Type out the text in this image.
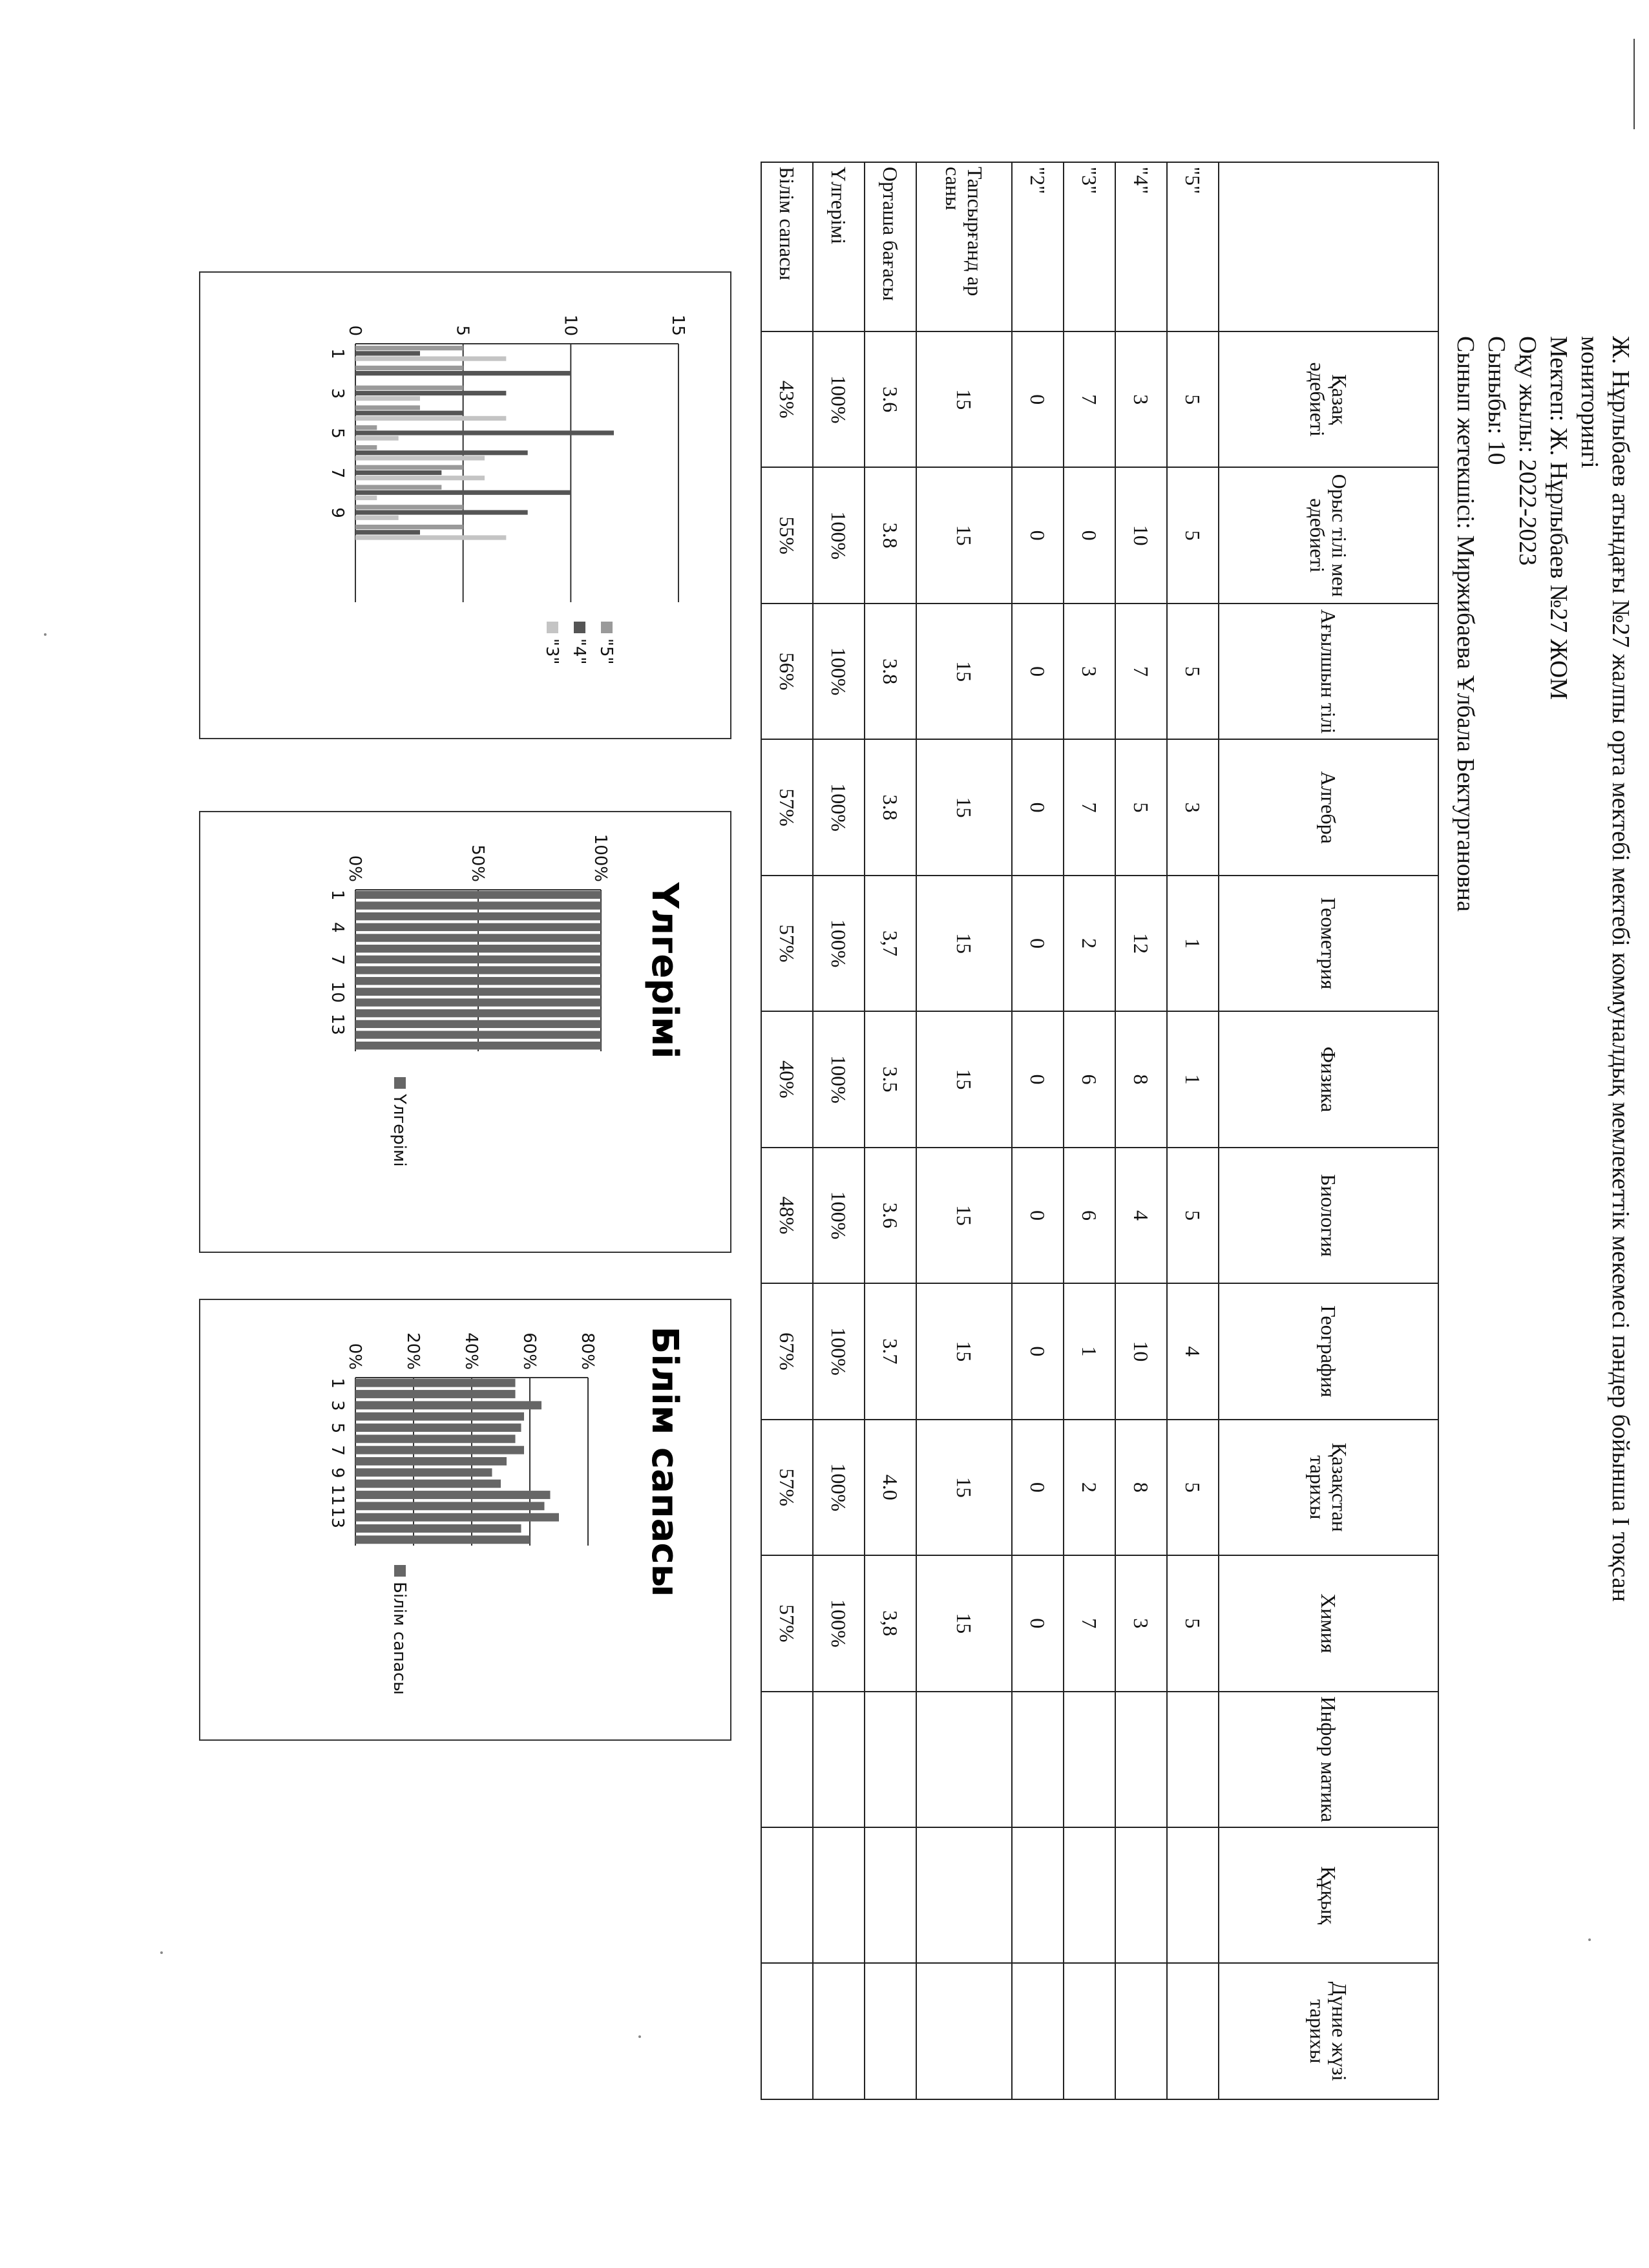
Ж. Нұрлыбаев атындағы №27 жалпы орта мектебі мектебі коммуналдық мемлекеттік мекемесі пәндер бойынша I тоқсан
мониторингі
Мектеп: Ж. Нұрлыбаев №27 ЖОМ
Оқу жылы: 2022-2023
Сыныбы: 10
Сынып жетекшісі: Миржибаева Ұлбала Бектургановна
	Қазақ әдебиеті	Орыс тілі мен әдебиеті	Ағылшын тілі	Алгебра	Геометрия	Физика	Биология	География	Қазақстан тарихы	Химия	Инфор матика	Құқық	Дүние жүзі тарихы
"5"	5	5	5	3	1	1	5	4	5	5			
"4"	3	10	7	5	12	8	4	10	8	3			
"3"	7	0	3	7	2	6	6	1	2	7			
"2"	0	0	0	0	0	0	0	0	0	0			
Тапсырғанд ар саны	15	15	15	15	15	15	15	15	15	15			
Орташа бағасы	3.6	3.8	3.8	3.8	3,7	3.5	3.6	3.7	4.0	3,8			
Үлгерімі	100%	100%	100%	100%	100%	100%	100%	100%	100%	100%			
Білім сапасы	43%	55%	56%	57%	57%	40%	48%	67%	57%	57%			
15
10
5
0
1
3
5
7
9
"5"
"4"
"3"
Үлгерімі
100%
50%
0%
1
4
7
10
13
Үлгерімі
Білім сапасы
80%
60%
40%
20%
0%
1
3
5
7
9
11
13
Білім сапасы
